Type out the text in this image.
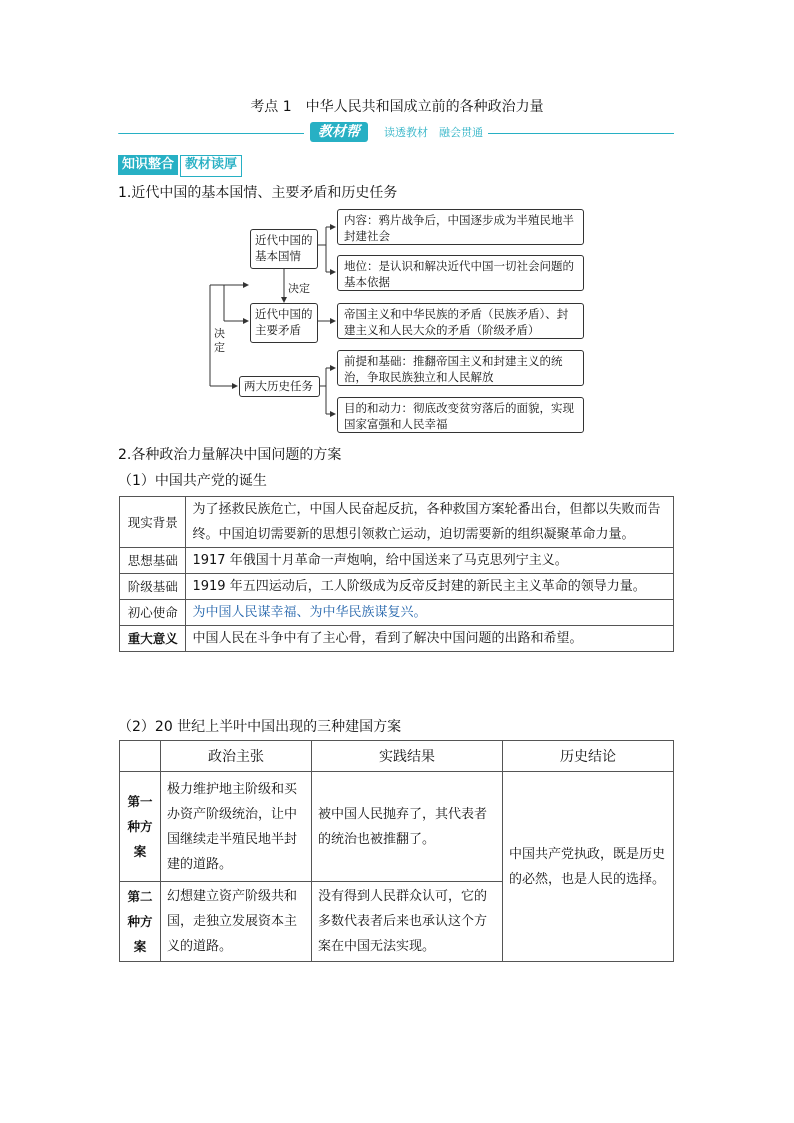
考点 1　中华人民共和国成立前的各种政治力量
教材帮	读透教材　融会贯通
知识整合 教材读厚
1.近代中国的基本国情、主要矛盾和历史任务
近代中国的基本国情
近代中国的主要矛盾
两大历史任务
决定
决定
内容：鸦片战争后，中国逐步成为半殖民地半封建社会
地位：是认识和解决近代中国一切社会问题的基本依据
帝国主义和中华民族的矛盾（民族矛盾）、封建主义和人民大众的矛盾（阶级矛盾）
前提和基础：推翻帝国主义和封建主义的统治，争取民族独立和人民解放
目的和动力：彻底改变贫穷落后的面貌，实现国家富强和人民幸福
2.各种政治力量解决中国问题的方案
（1）中国共产党的诞生
现实背景	为了拯救民族危亡，中国人民奋起反抗，各种救国方案轮番出台，但都以失败而告终。中国迫切需要新的思想引领救亡运动，迫切需要新的组织凝聚革命力量。
思想基础	1917 年俄国十月革命一声炮响，给中国送来了马克思列宁主义。
阶级基础	1919 年五四运动后，工人阶级成为反帝反封建的新民主主义革命的领导力量。
初心使命	为中国人民谋幸福、为中华民族谋复兴。
重大意义	中国人民在斗争中有了主心骨，看到了解决中国问题的出路和希望。
（2）20 世纪上半叶中国出现的三种建国方案
	政治主张	实践结果	历史结论
第一种方案	极力维护地主阶级和买办资产阶级统治，让中国继续走半殖民地半封建的道路。	被中国人民抛弃了，其代表者的统治也被推翻了。	中国共产党执政，既是历史的必然，也是人民的选择。
第二种方案	幻想建立资产阶级共和国，走独立发展资本主义的道路。	没有得到人民群众认可，它的多数代表者后来也承认这个方案在中国无法实现。	
